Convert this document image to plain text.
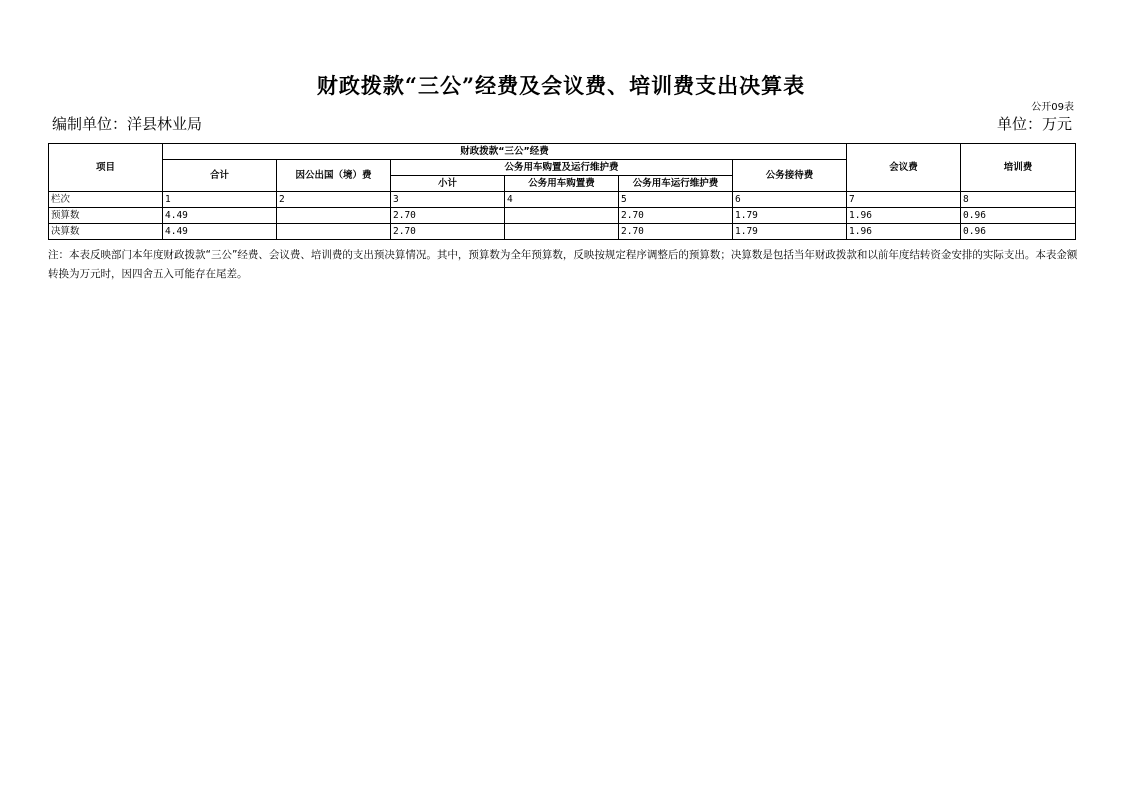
财政拨款“三公”经费及会议费、培训费支出决算表
公开09表
编制单位：洋县林业局	单位：万元
项目	财政拨款“三公”经费						会议费	培训费
	合计	因公出国（境）费	公务用车购置及运行维护费			公务接待费		
			小计	公务用车购置费	公务用车运行维护费			
栏次	1	2	3	4	5	6	7	8
预算数	4.49		2.70		2.70	1.79	1.96	0.96
决算数	4.49		2.70		2.70	1.79	1.96	0.96
注：本表反映部门本年度财政拨款“三公”经费、会议费、培训费的支出预决算情况。其中，预算数为全年预算数，反映按规定程序调整后的预算数；决算数是包括当年财政拨款和以前年度结转资金安排的实际支出。本表金额转换为万元时，因四舍五入可能存在尾差。
